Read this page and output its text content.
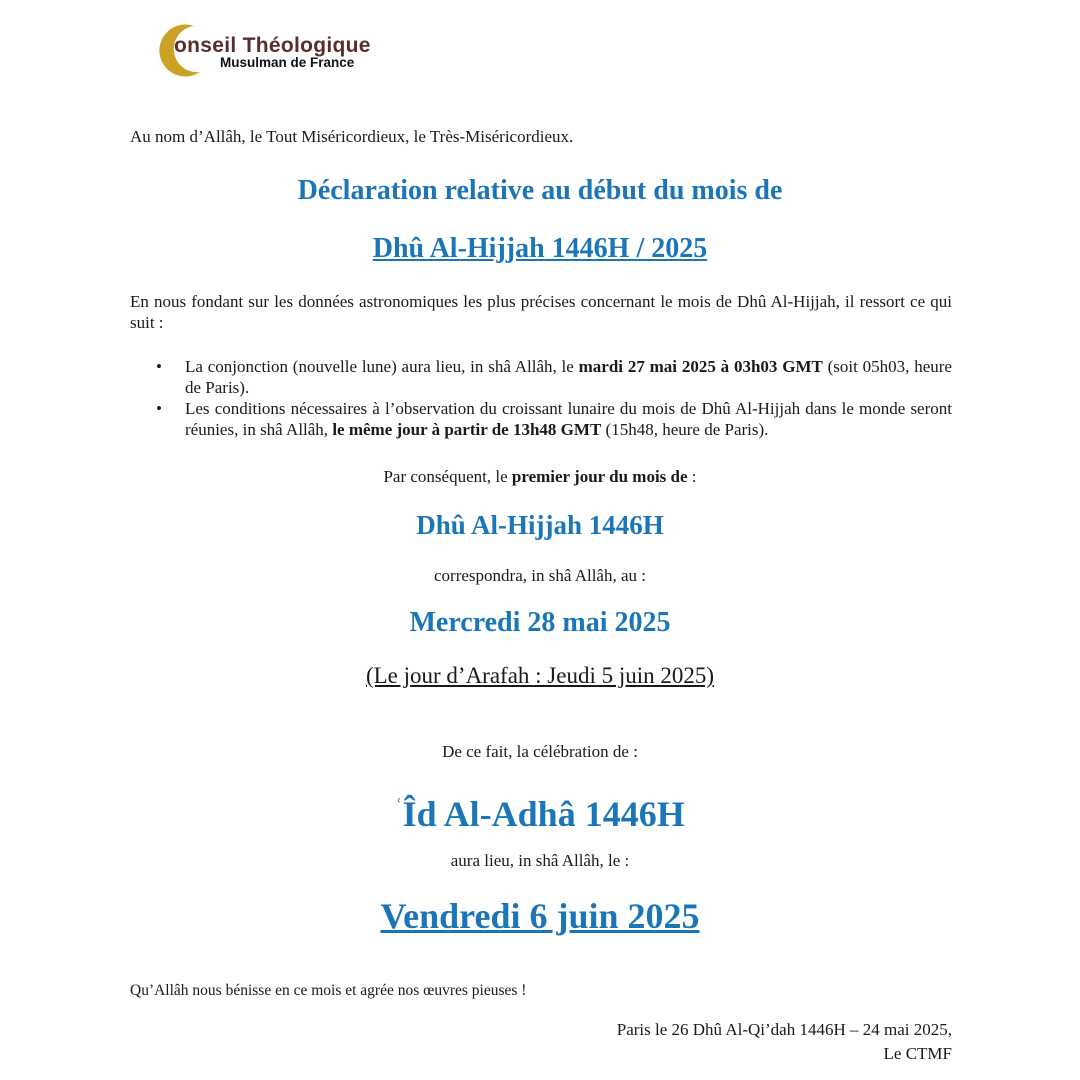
onseil Théologique
Musulman de France
Au nom d’Allâh, le Tout Miséricordieux, le Très-Miséricordieux.
Déclaration relative au début du mois de
Dhû Al-Hijjah 1446H / 2025
En nous fondant sur les données astronomiques les plus précises concernant le mois de Dhû Al-Hijjah, il ressort ce qui suit :
• La conjonction (nouvelle lune) aura lieu, in shâ Allâh, le mardi 27 mai 2025 à 03h03 GMT (soit 05h03, heure de Paris).
• Les conditions nécessaires à l’observation du croissant lunaire du mois de Dhû Al-Hijjah dans le monde seront réunies, in shâ Allâh, le même jour à partir de 13h48 GMT (15h48, heure de Paris).
Par conséquent, le premier jour du mois de :
Dhû Al-Hijjah 1446H
correspondra, in shâ Allâh, au :
Mercredi 28 mai 2025
(Le jour d’Arafah : Jeudi 5 juin 2025)
De ce fait, la célébration de :
$^ʿ$Îd Al-Adhâ 1446H
aura lieu, in shâ Allâh, le :
Vendredi 6 juin 2025
Qu’Allâh nous bénisse en ce mois et agrée nos œuvres pieuses !
Paris le 26 Dhû Al-Qi’dah 1446H – 24 mai 2025,
Le CTMF
